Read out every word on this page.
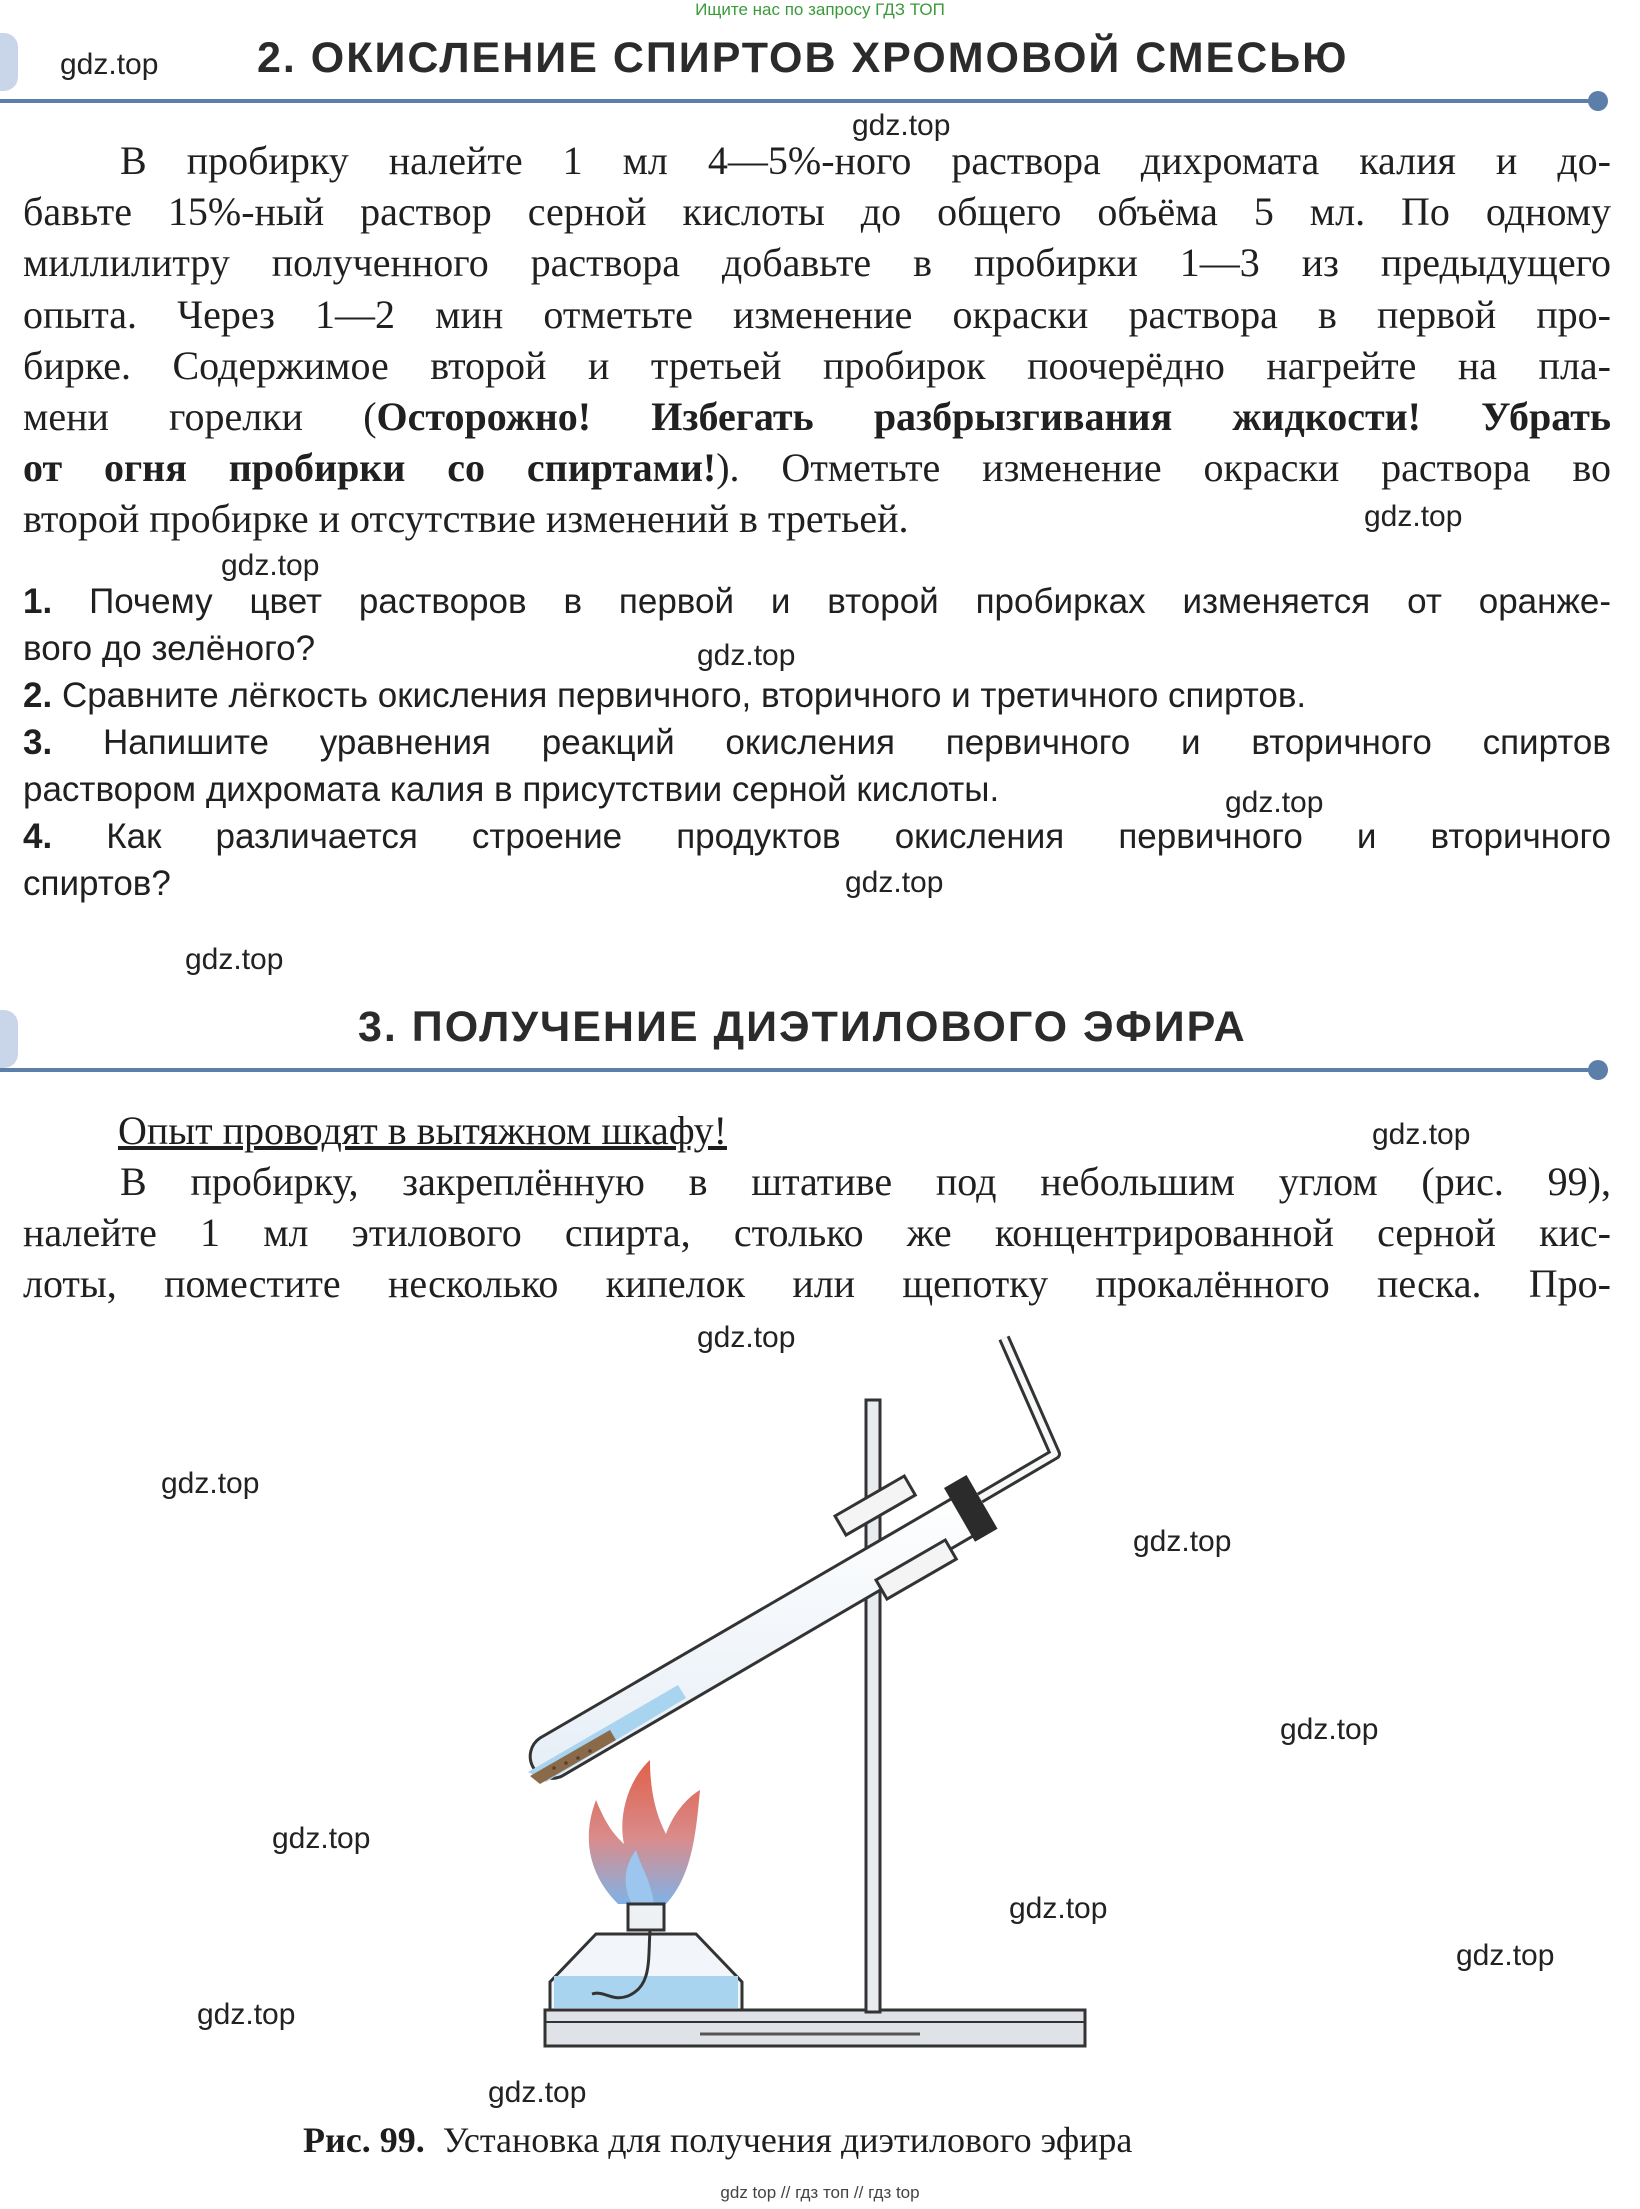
Ищите нас по запросу ГДЗ ТОП
2. ОКИСЛЕНИЕ СПИРТОВ ХРОМОВОЙ СМЕСЬЮ
В пробирку налейте 1 мл 4—5%-ного раствора дихромата калия и до-
бавьте 15%-ный раствор серной кислоты до общего объёма 5 мл. По одному
миллилитру полученного раствора добавьте в пробирки 1—3 из предыдущего
опыта. Через 1—2 мин отметьте изменение окраски раствора в первой про-
бирке. Содержимое второй и третьей пробирок поочерёдно нагрейте на пла-
мени горелки (Осторожно! Избегать разбрызгивания жидкости! Убрать
от огня пробирки со спиртами!). Отметьте изменение окраски раствора во
второй пробирке и отсутствие изменений в третьей.
1. Почему цвет растворов в первой и второй пробирках изменяется от оранже-
вого до зелёного?
2. Сравните лёгкость окисления первичного, вторичного и третичного спиртов.
3. Напишите уравнения реакций окисления первичного и вторичного спиртов
раствором дихромата калия в присутствии серной кислоты.
4. Как различается строение продуктов окисления первичного и вторичного
спиртов?
3. ПОЛУЧЕНИЕ ДИЭТИЛОВОГО ЭФИРА
Опыт проводят в вытяжном шкафу!
В пробирку, закреплённую в штативе под небольшим углом (рис. 99),
налейте 1 мл этилового спирта, столько же концентрированной серной кис-
лоты, поместите несколько кипелок или щепотку прокалённого песка. Про-
Рис. 99. Установка для получения диэтилового эфира
gdz.top
gdz.top
gdz.top
gdz.top
gdz.top
gdz.top
gdz.top
gdz.top
gdz.top
gdz.top
gdz.top
gdz.top
gdz.top
gdz.top
gdz.top
gdz.top
gdz.top
gdz.top
gdz top // гдз топ // гдз top
